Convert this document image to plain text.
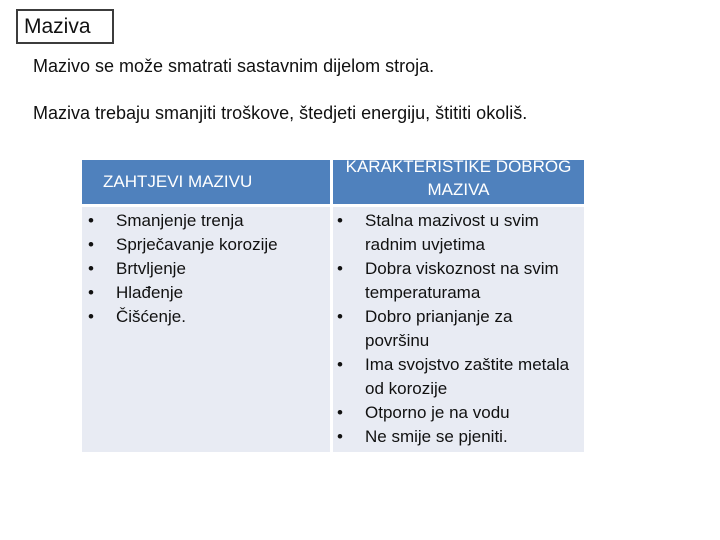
Maziva
Mazivo se može smatrati sastavnim dijelom stroja.
Maziva trebaju smanjiti troškove, štedjeti energiju, štititi okoliš.
ZAHTJEVI MAZIVU
KARAKTERISTIKE DOBROG MAZIVA
• Smanjenje trenja
• Sprječavanje korozije
• Brtvljenje
• Hlađenje
• Čišćenje.
• Stalna mazivost u svim radnim uvjetima
• Dobra viskoznost na svim temperaturama
• Dobro prianjanje za površinu
• Ima svojstvo zaštite metala od korozije
• Otporno je na vodu
• Ne smije se pjeniti.
